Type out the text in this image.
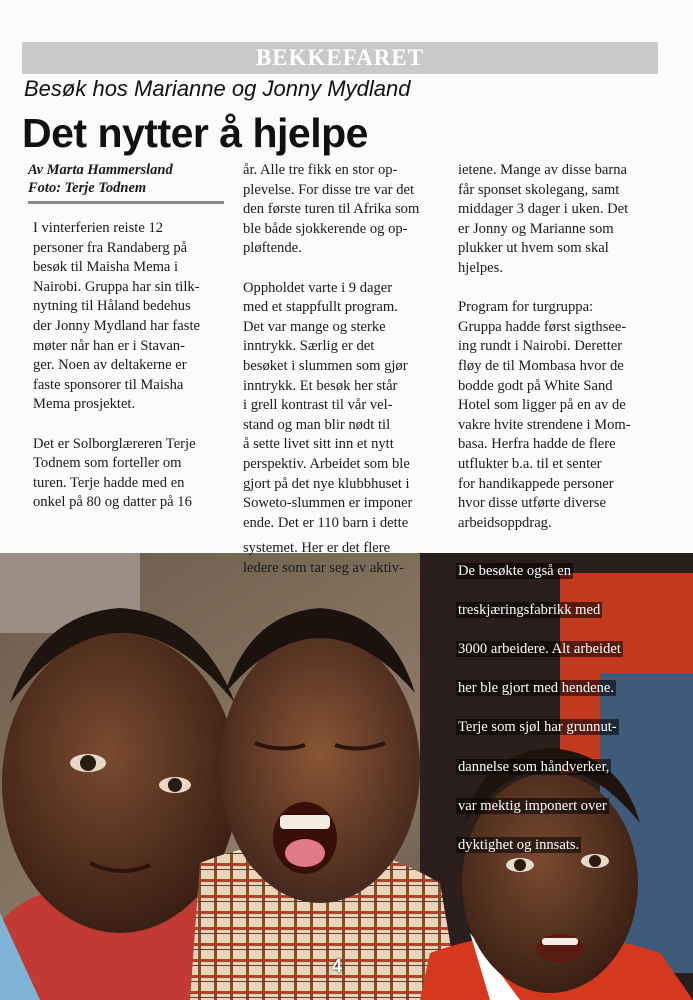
BEKKEFARET
Besøk hos Marianne og Jonny Mydland
Det nytter å hjelpe
Av Marta Hammersland
Foto: Terje Todnem

I vinterferien reiste 12
personer fra Randaberg på
besøk til Maisha Mema i
Nairobi. Gruppa har sin tilk-
nytning til Håland bedehus
der Jonny Mydland har faste
møter når han er i Stavan-
ger. Noen av deltakerne er
faste sponsorer til Maisha
Mema prosjektet.

Det er Solborglæreren Terje
Todnem som forteller om
turen. Terje hadde med en
onkel på 80 og datter på 16

år. Alle tre fikk en stor op-
plevelse. For disse tre var det
den første turen til Afrika som
ble både sjokkerende og op-
pløftende.

Oppholdet varte i 9 dager
med et stappfullt program.
Det var mange og sterke
inntrykk. Særlig er det
besøket i slummen som gjør
inntrykk. Et besøk her står
i grell kontrast til vår vel-
stand og man blir nødt til
å sette livet sitt inn et nytt
perspektiv. Arbeidet som ble
gjort på det nye klubbhuset i
Soweto-slummen er imponer
ende. Det er 110 barn i dette

ietene. Mange av disse barna
får sponset skolegang, samt
middager 3 dager i uken. Det
er Jonny og Marianne som
plukker ut hvem som skal
hjelpes.

Program for turgruppa:
Gruppa hadde først sigthsee-
ing rundt i Nairobi. Deretter
fløy de til Mombasa hvor de
bodde godt på White Sand
Hotel som ligger på en av de
vakre hvite strendene i Mom-
basa. Herfra hadde de flere
utflukter b.a. til et senter
for handikappede personer
hvor disse utførte diverse
arbeidsoppdrag.

systemet. Her er det flere
ledere som tar seg av aktiv-	De besøkte også en

treskjæringsfabrikk med

3000 arbeidere. Alt arbeidet

her ble gjort med hendene.

Terje som sjøl har grunnut-

dannelse som håndverker,

var mektig imponert over

dyktighet og innsats.

4
